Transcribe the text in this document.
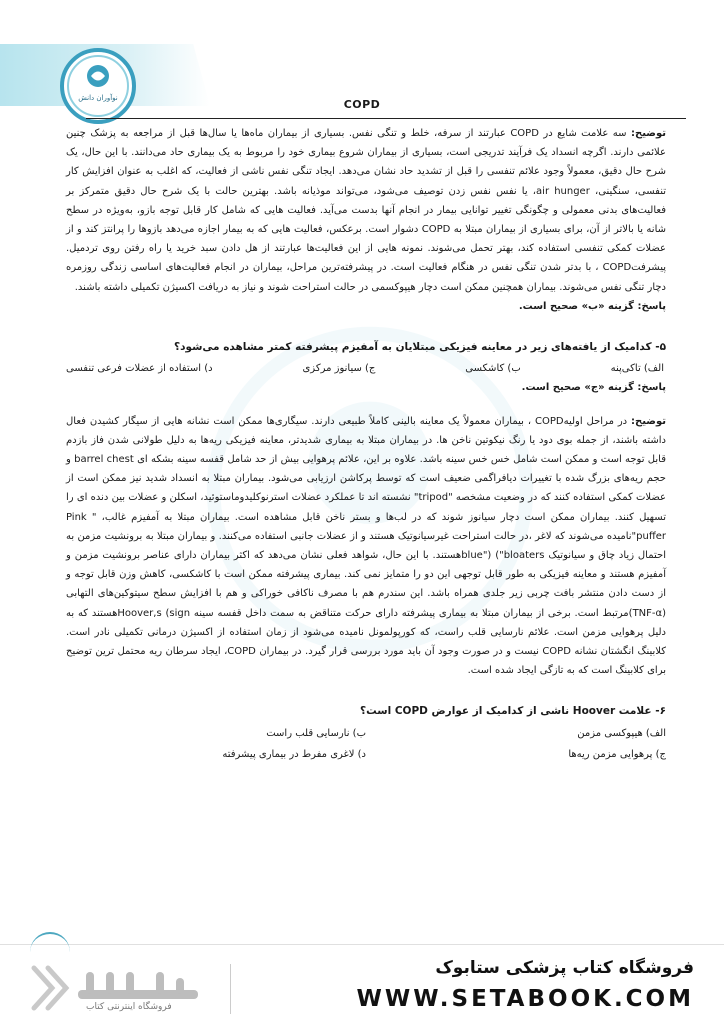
نوآوران دانش	COPD

توضیح: سه علامت شایع در COPD عبارتند از سرفه، خلط و تنگی نفس. بسیاری از بیماران ماه‌ها یا سال‌ها قبل از مراجعه به پزشک چنین علائمی دارند. اگرچه انسداد یک فرآیند تدریجی است، بسیاری از بیماران شروع بیماری خود را مربوط به یک بیماری حاد می‌دانند. با این حال، یک شرح حال دقیق، معمولاً وجود علائم تنفسی را قبل از تشدید حاد نشان می‌دهد. ایجاد تنگی نفس ناشی از فعالیت، که اغلب به عنوان افزایش کار تنفسی، سنگینی، air hunger، یا نفس نفس زدن توصیف می‌شود، می‌تواند موذیانه باشد. بهترین حالت با یک شرح حال دقیق متمرکز بر فعالیت‌های بدنی معمولی و چگونگی تغییر توانایی بیمار در انجام آنها بدست می‌آید. فعالیت هایی که شامل کار قابل توجه بازو، به‌ویژه در سطح شانه یا بالاتر از آن، برای بسیاری از بیماران مبتلا به COPD دشوار است. برعکس، فعالیت هایی که به بیمار اجازه می‌دهد بازوها را پرانتز کند و از عضلات کمکی تنفسی استفاده کند، بهتر تحمل می‌شوند. نمونه هایی از این فعالیت‌ها عبارتند از هل دادن سبد خرید یا راه رفتن روی تردمیل. پیشرفتCOPD ، با بدتر شدن تنگی نفس در هنگام فعالیت است. در پیشرفته‌ترین مراحل، بیماران در انجام فعالیت‌های اساسی زندگی روزمره دچار تنگی نفس می‌شوند. بیماران همچنین ممکن است دچار هیپوکسمی در حالت استراحت شوند و نیاز به دریافت اکسیژن تکمیلی داشته باشند.

پاسخ: گزینه «ب» صحیح است.

۵- کدامیک از یافته‌های زیر در معاینه فیزیکی مبتلایان به آمفیزم پیشرفته کمتر مشاهده می‌شود؟

الف) تاکی‌پنه
ب) کاشکسی
ج) سیانوز مرکزی
د) استفاده از عضلات فرعی تنفسی

پاسخ: گزینه «ج» صحیح است.

توضیح: در مراحل اولیهCOPD ، بیماران معمولاً یک معاینه بالینی کاملاً طبیعی دارند. سیگاری‌ها ممکن است نشانه هایی از سیگار کشیدن فعال داشته باشند، از جمله بوی دود یا رنگ نیکوتین ناخن ها. در بیماران مبتلا به بیماری شدیدتر، معاینه فیزیکی ریه‌ها به دلیل طولانی شدن فاز بازدم قابل توجه است و ممکن است شامل خس خس سینه باشد. علاوه بر این، علائم پرهوایی بیش از حد شامل قفسه سینه بشکه ای barrel chest و حجم ریه‌های بزرگ شده با تغییرات دیافراگمی ضعیف است که توسط پرکاشن ارزیابی می‌شود. بیماران مبتلا به انسداد شدید نیز ممکن است از عضلات کمکی استفاده کنند که در وضعیت مشخصه "tripod" نشسته اند تا عملکرد عضلات استرنوکلیدوماستوئید، اسکلن و عضلات بین دنده ای را تسهیل کنند. بیماران ممکن است دچار سیانوز شوند که در لب‌ها و بستر ناخن قابل مشاهده است. بیماران مبتلا به آمفیزم غالب، " Pink puffer"نامیده می‌شوند که لاغر ،در حالت استراحت غیرسیانوتیک هستند و از عضلات جانبی استفاده می‌کنند. و بیماران مبتلا به برونشیت مزمن به احتمال زیاد چاق و سیانوتیک blue") ("bloatersهستند. با این حال، شواهد فعلی نشان می‌دهد که اکثر بیماران دارای عناصر برونشیت مزمن و آمفیزم هستند و معاینه فیزیکی به طور قابل توجهی این دو را متمایز نمی کند. بیماری پیشرفته ممکن است با کاشکسی، کاهش وزن قابل توجه و از دست دادن منتشر بافت چربی زیر جلدی همراه باشد. این سندرم هم با مصرف ناکافی خوراکی و هم با افزایش سطح سیتوکین‌های التهابی (TNF-α)مرتبط است. برخی از بیماران مبتلا به بیماری پیشرفته دارای حرکت متناقض به سمت داخل قفسه سینه Hoover,s (signهستند که به دلیل پرهوایی مزمن است. علائم نارسایی قلب راست، که کورپولمونل نامیده می‌شود از زمان استفاده از اکسیژن درمانی تکمیلی نادر است. کلابینگ انگشتان نشانه COPD نیست و در صورت وجود آن باید مورد بررسی قرار گیرد. در بیماران COPD، ایجاد سرطان ریه محتمل ترین توضیح برای کلابینگ است که به تازگی ایجاد شده است.

۶- علامت Hoover ناشی از کدامیک از عوارض COPD است؟

الف) هیپوکسی مزمن
ب) نارسایی قلب راست
ج) پرهوایی مزمن ریه‌ها
د) لاغری مفرط در بیماری پیشرفته
فروشگاه اینترنتی کتاب
فروشگاه کتاب پزشکی ستابوک
WWW.SETABOOK.COM
